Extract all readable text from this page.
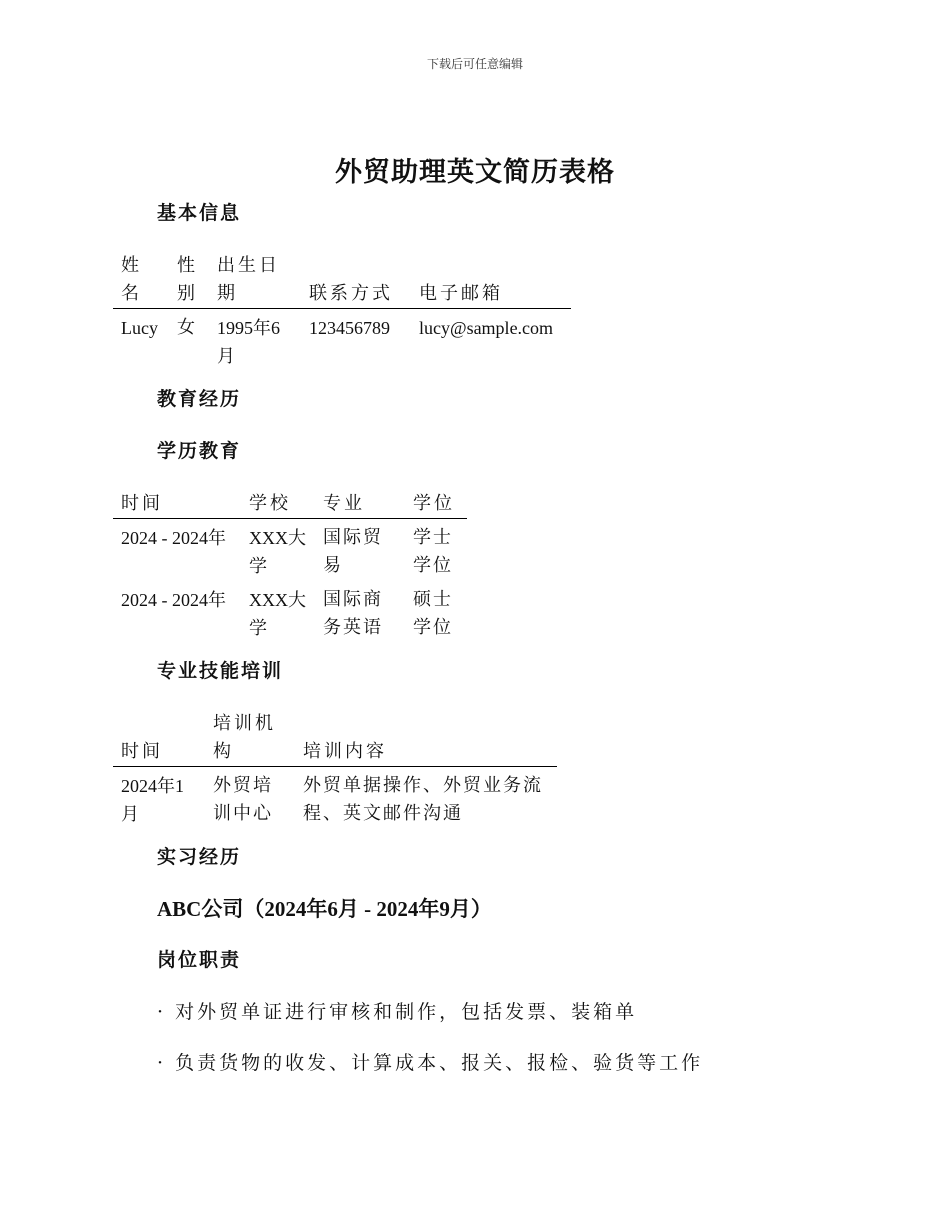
下载后可任意编辑
外贸助理英文简历表格
基本信息
姓名	性别	出生日期	联系方式	电子邮箱
Lucy	女	1995年6月	123456789	lucy@sample.com
教育经历
学历教育
时间	学校	专业	学位
2024 - 2024年	XXX大学	国际贸易	学士学位
2024 - 2024年	XXX大学	国际商务英语	硕士学位
专业技能培训
时间	培训机构	培训内容
2024年1月	外贸培训中心	外贸单据操作、外贸业务流程、英文邮件沟通
实习经历
ABC公司（2024年6月 - 2024年9月）
岗位职责
· 对外贸单证进行审核和制作，包括发票、装箱单
· 负责货物的收发、计算成本、报关、报检、验货等工作
